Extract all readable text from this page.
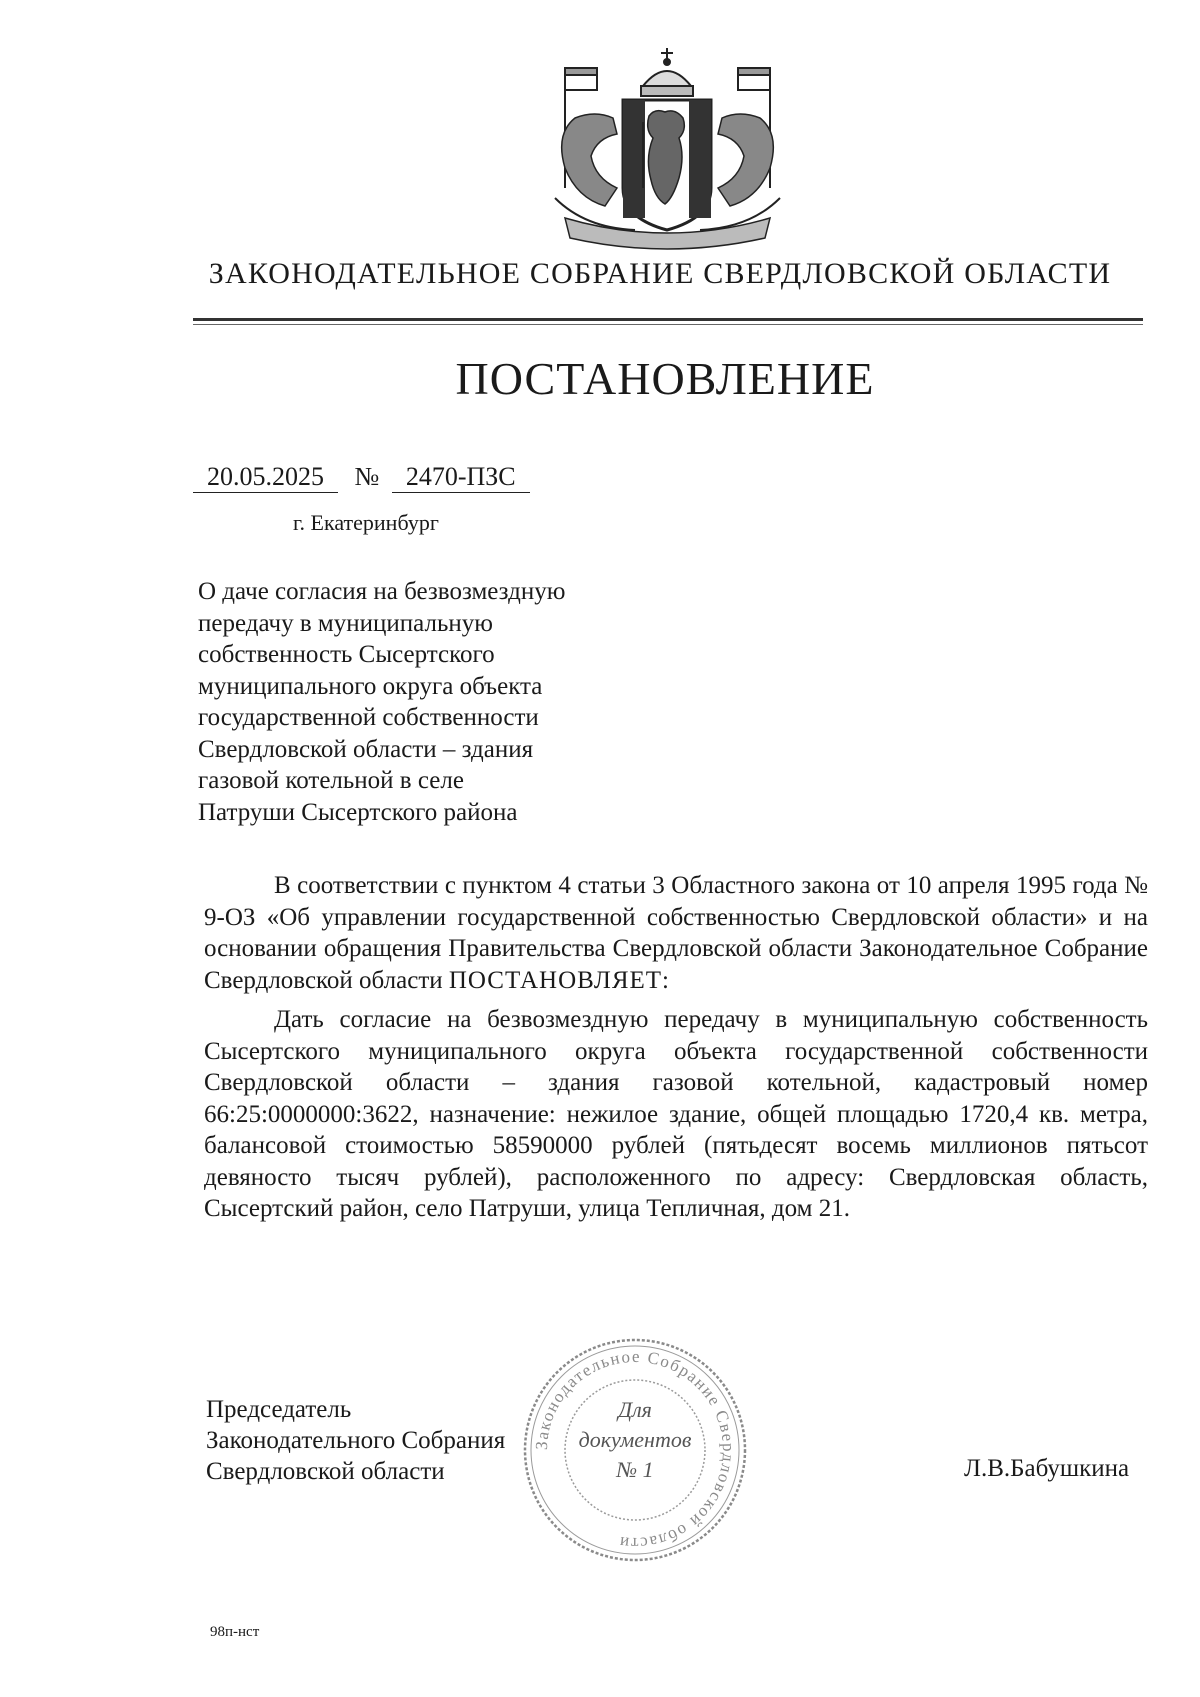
ЗАКОНОДАТЕЛЬНОЕ СОБРАНИЕ СВЕРДЛОВСКОЙ ОБЛАСТИ
ПОСТАНОВЛЕНИЕ
20.05.2025 № 2470-ПЗС
г. Екатеринбург
О даче согласия на безвозмездную
передачу в муниципальную
собственность Сысертского
муниципального округа объекта
государственной собственности
Свердловской области – здания
газовой котельной в селе
Патруши Сысертского района

В соответствии с пунктом 4 статьи 3 Областного закона от 10 апреля 1995 года № 9-ОЗ «Об управлении государственной собственностью Свердловской области» и на основании обращения Правительства Свердловской области Законодательное Собрание Свердловской области ПОСТАНОВЛЯЕТ:

Дать согласие на безвозмездную передачу в муниципальную собственность Сысертского муниципального округа объекта государственной собственности Свердловской области – здания газовой котельной, кадастровый номер 66:25:0000000:3622, назначение: нежилое здание, общей площадью 1720,4 кв. метра, балансовой стоимостью 58590000 рублей (пятьдесят восемь миллионов пятьсот девяносто тысяч рублей), расположенного по адресу: Свердловская область, Сысертский район, село Патруши, улица Тепличная, дом 21.

Законодательное Собрание Свердловской области
Для
документов
№ 1
Председатель
Законодательного Собрания
Свердловской области	Л.В.Бабушкина
98п-нст
